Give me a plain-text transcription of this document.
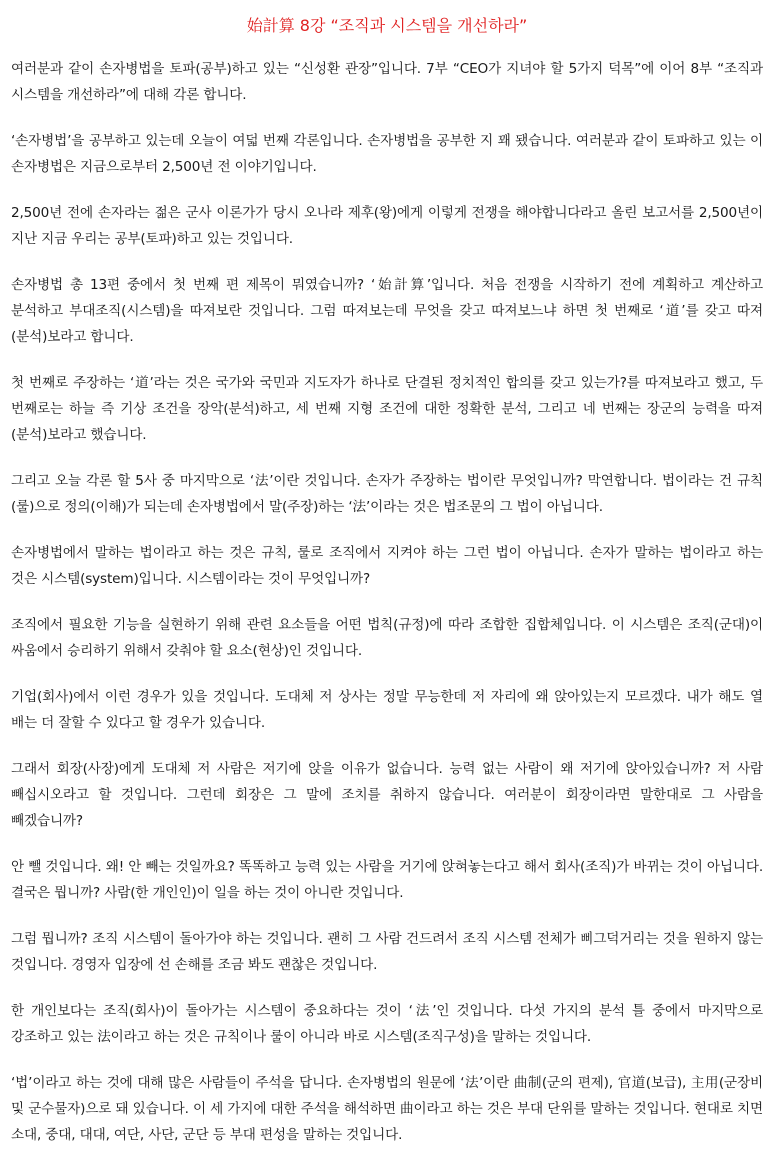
始計算 8강 “조직과 시스템을 개선하라”

여러분과 같이 손자병법을 토파(공부)하고 있는 “신성환 관장”입니다. 7부 “CEO가 지녀야 할 5가지 덕목”에 이어 8부 “조직과 시스템을 개선하라”에 대해 각론 합니다.

‘손자병법’을 공부하고 있는데 오늘이 여덟 번째 각론입니다. 손자병법을 공부한 지 꽤 됐습니다. 여러분과 같이 토파하고 있는 이 손자병법은 지금으로부터 2,500년 전 이야기입니다.

2,500년 전에 손자라는 젊은 군사 이론가가 당시 오나라 제후(왕)에게 이렇게 전쟁을 해야합니다라고 올린 보고서를 2,500년이 지난 지금 우리는 공부(토파)하고 있는 것입니다.

손자병법 총 13편 중에서 첫 번째 편 제목이 뭐였습니까? ‘始計算’입니다. 처음 전쟁을 시작하기 전에 계획하고 계산하고 분석하고 부대조직(시스템)을 따져보란 것입니다. 그럼 따져보는데 무엇을 갖고 따져보느냐 하면 첫 번째로 ‘道’를 갖고 따져(분석)보라고 합니다.

첫 번째로 주장하는 ‘道’라는 것은 국가와 국민과 지도자가 하나로 단결된 정치적인 합의를 갖고 있는가?를 따져보라고 했고, 두 번째로는 하늘 즉 기상 조건을 장악(분석)하고, 세 번째 지형 조건에 대한 정확한 분석, 그리고 네 번째는 장군의 능력을 따져(분석)보라고 했습니다.

그리고 오늘 각론 할 5사 중 마지막으로 ‘法’이란 것입니다. 손자가 주장하는 법이란 무엇입니까? 막연합니다. 법이라는 건 규칙(룰)으로 정의(이해)가 되는데 손자병법에서 말(주장)하는 ‘法’이라는 것은 법조문의 그 법이 아닙니다.

손자병법에서 말하는 법이라고 하는 것은 규칙, 룰로 조직에서 지켜야 하는 그런 법이 아닙니다. 손자가 말하는 법이라고 하는 것은 시스템(system)입니다. 시스템이라는 것이 무엇입니까?

조직에서 필요한 기능을 실현하기 위해 관련 요소들을 어떤 법칙(규정)에 따라 조합한 집합체입니다. 이 시스템은 조직(군대)이 싸움에서 승리하기 위해서 갖춰야 할 요소(현상)인 것입니다.

기업(회사)에서 이런 경우가 있을 것입니다. 도대체 저 상사는 정말 무능한데 저 자리에 왜 앉아있는지 모르겠다. 내가 해도 열 배는 더 잘할 수 있다고 할 경우가 있습니다.

그래서 회장(사장)에게 도대체 저 사람은 저기에 앉을 이유가 없습니다. 능력 없는 사람이 왜 저기에 앉아있습니까? 저 사람 빼십시오라고 할 것입니다. 그런데 회장은 그 말에 조치를 취하지 않습니다. 여러분이 회장이라면 말한대로 그 사람을 빼겠습니까?

안 뺄 것입니다. 왜! 안 빼는 것일까요? 똑똑하고 능력 있는 사람을 거기에 앉혀놓는다고 해서 회사(조직)가 바뀌는 것이 아닙니다. 결국은 뭡니까? 사람(한 개인인)이 일을 하는 것이 아니란 것입니다.

그럼 뭡니까? 조직 시스템이 돌아가야 하는 것입니다. 괜히 그 사람 건드려서 조직 시스템 전체가 삐그덕거리는 것을 원하지 않는 것입니다. 경영자 입장에 선 손해를 조금 봐도 괜찮은 것입니다.

한 개인보다는 조직(회사)이 돌아가는 시스템이 중요하다는 것이 ‘法’인 것입니다. 다섯 가지의 분석 틀 중에서 마지막으로 강조하고 있는 法이라고 하는 것은 규칙이나 룰이 아니라 바로 시스템(조직구성)을 말하는 것입니다.

‘법’이라고 하는 것에 대해 많은 사람들이 주석을 답니다. 손자병법의 원문에 ‘法’이란 曲制(군의 편제), 官道(보급), 主用(군장비 및 군수물자)으로 돼 있습니다. 이 세 가지에 대한 주석을 해석하면 曲이라고 하는 것은 부대 단위를 말하는 것입니다. 현대로 치면 소대, 중대, 대대, 여단, 사단, 군단 등 부대 편성을 말하는 것입니다.
